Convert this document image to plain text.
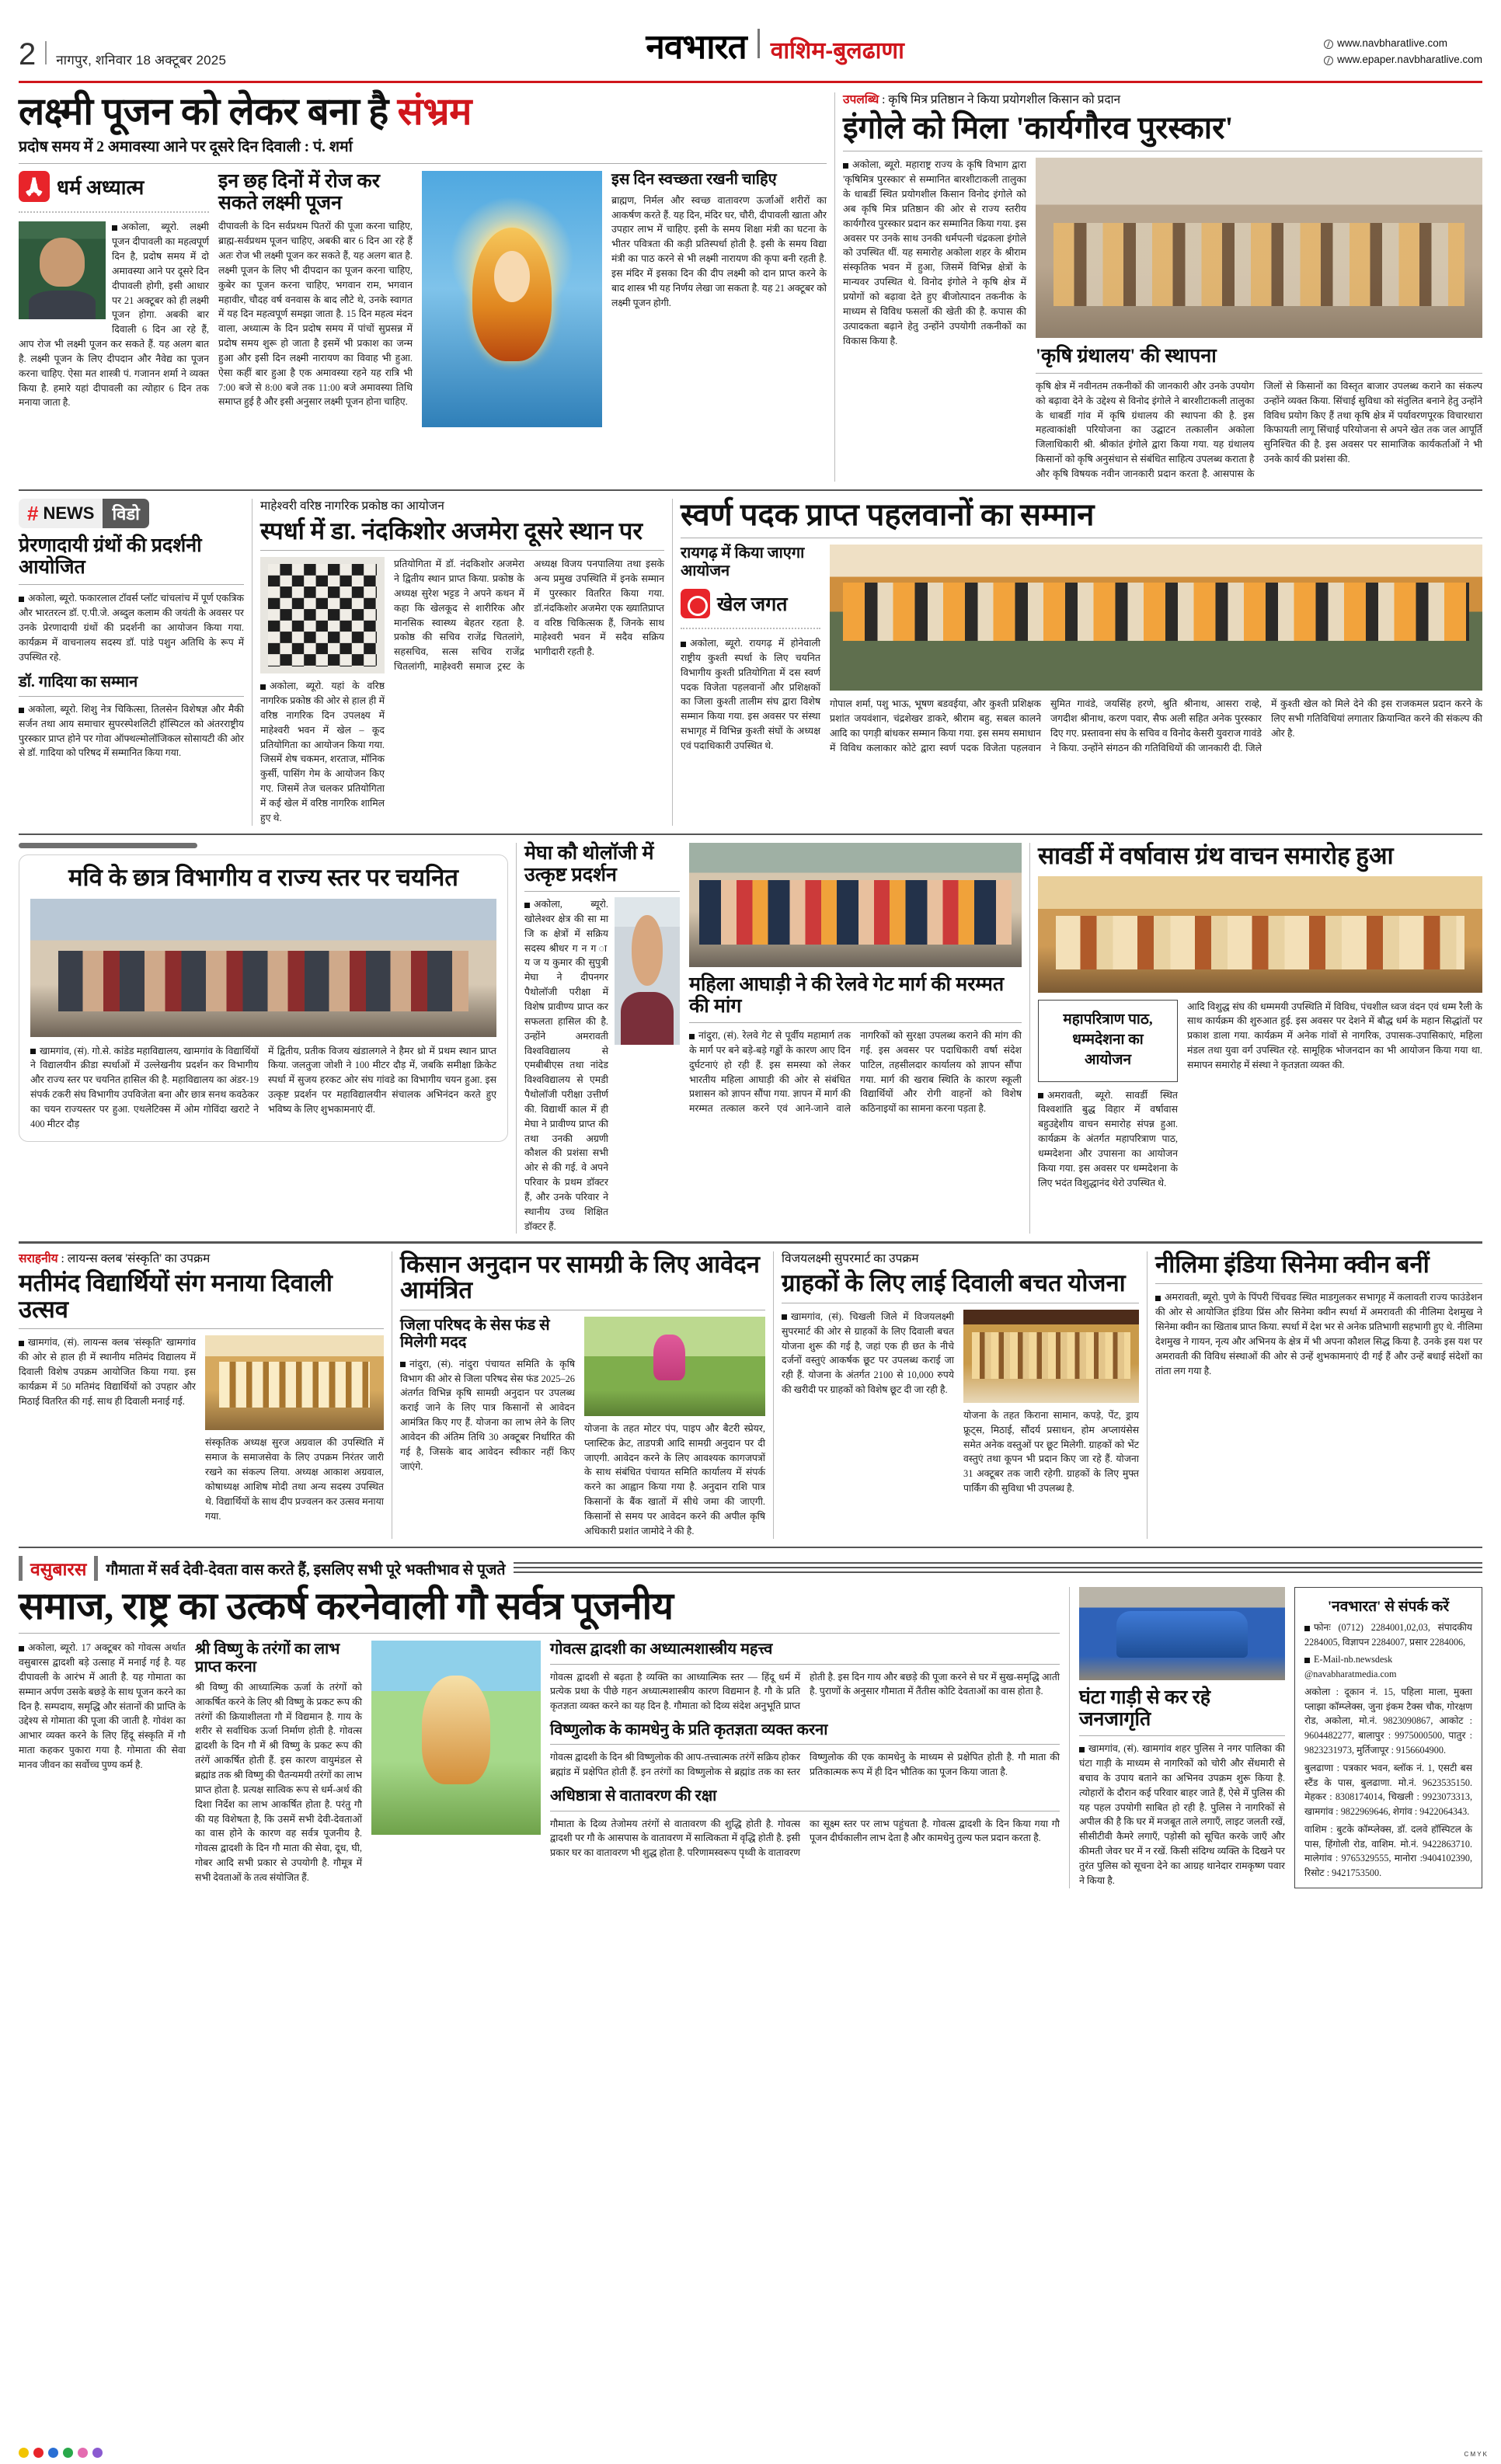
2 नागपुर, शनिवार 18 अक्टूबर 2025	नवभारत वाशिम-बुलढाणा	www.navbharatlive.com
www.epaper.navbharatlive.com
लक्ष्मी पूजन को लेकर बना है संभ्रम
प्रदोष समय में 2 अमावस्या आने पर दूसरे दिन दिवाली : पं. शर्मा
🙏
धर्म अध्यात्म

अकोला, ब्यूरो. लक्ष्मी पूजन दीपावली का महत्वपूर्ण दिन है, प्रदोष समय में दो अमावस्या आने पर दूसरे दिन दीपावली होगी, इसी आधार पर 21 अक्टूबर को ही लक्ष्मी पूजन होगा. अबकी बार दिवाली 6 दिन आ रहे हैं, आप रोज भी लक्ष्मी पूजन कर सकते हैं. यह अलग बात है. लक्ष्मी पूजन के लिए दीपदान और नैवेद्य का पूजन करना चाहिए. ऐसा मत शास्त्री पं. गजानन शर्मा ने व्यक्त किया है. हमारे यहां दीपावली का त्योहार 6 दिन तक मनाया जाता है.

इन छह दिनों में रोज कर सकते लक्ष्मी पूजन

दीपावली के दिन सर्वप्रथम पितरों की पूजा करना चाहिए, ब्राह्म-सर्वप्रथम पूजन चाहिए, अबकी बार 6 दिन आ रहे हैं अतः रोज भी लक्ष्मी पूजन कर सकते हैं, यह अलग बात है. लक्ष्मी पूजन के लिए भी दीपदान का पूजन करना चाहिए, कुबेर का पूजन करना चाहिए, भगवान राम, भगवान महावीर, चौदह वर्ष वनवास के बाद लौटे थे, उनके स्वागत में यह दिन महत्वपूर्ण समझा जाता है. 15 दिन महत्व मंदन वाला, अध्यात्म के दिन प्रदोष समय में पांचों सुप्रसन्न में प्रदोष समय शुरू हो जाता है इसमें भी प्रकाश का जन्म हुआ और इसी दिन लक्ष्मी नारायण का विवाह भी हुआ. ऐसा कहीं बार हुआ है एक अमावस्या रहने यह रात्रि भी 7:00 बजे से 8:00 बजे तक 11:00 बजे अमावस्या तिथि समाप्त हुई है और इसी अनुसार लक्ष्मी पूजन होना चाहिए.

इस दिन स्वच्छता रखनी चाहिए

ब्राह्मण, निर्मल और स्वच्छ वातावरण ऊर्जाओं शरीरों का आकर्षण करते हैं. यह दिन, मंदिर घर, चौरी, दीपावली खाता और उपहार लाभ में चाहिए. इसी के समय शिक्षा मंत्री का घटना के भीतर पवित्रता की कड़ी प्रतिस्पर्धा होती है. इसी के समय विद्या मंत्री का पाठ करने से भी लक्ष्मी नारायण की कृपा बनी रहती है. इस मंदिर में इसका दिन की दीप लक्ष्मी को दान प्राप्त करने के बाद शास्त्र भी यह निर्णय लेखा जा सकता है. यह 21 अक्टूबर को लक्ष्मी पूजन होगी.

उपलब्धि : कृषि मित्र प्रतिष्ठान ने किया प्रयोगशील किसान को प्रदान
इंगोले को मिला 'कार्यगौरव पुरस्कार'

अकोला, ब्यूरो. महाराष्ट्र राज्य के कृषि विभाग द्वारा 'कृषिमित्र पुरस्कार' से सम्मानित बारशीटाकली तालुका के धाबर्डी स्थित प्रयोगशील किसान विनोद इंगोले को अब कृषि मित्र प्रतिष्ठान की ओर से राज्य स्तरीय कार्यगौरव पुरस्कार प्रदान कर सम्मानित किया गया. इस अवसर पर उनके साथ उनकी धर्मपत्नी चंद्रकला इंगोले को उपस्थित थीं. यह समारोह अकोला शहर के श्रीराम संस्कृतिक भवन में हुआ, जिसमें विभिन्न क्षेत्रों के मान्यवर उपस्थित थे. विनोद इंगोले ने कृषि क्षेत्र में प्रयोगों को बढ़ावा देते हुए बीजोत्पादन तकनीक के माध्यम से विविध फसलों की खेती की है. कपास की उत्पादकता बढ़ाने हेतु उन्होंने उपयोगी तकनीकों का विकास किया है.

'कृषि ग्रंथालय' की स्थापना

कृषि क्षेत्र में नवीनतम तकनीकों की जानकारी और उनके उपयोग को बढ़ावा देने के उद्देश्य से विनोद इंगोले ने बारशीटाकली तालुका के धाबर्डी गांव में कृषि ग्रंथालय की स्थापना की है. इस महत्वाकांक्षी परियोजना का उद्घाटन तत्कालीन अकोला जिलाधिकारी श्री. श्रीकांत इंगोले द्वारा किया गया. यह ग्रंथालय किसानों को कृषि अनुसंधान से संबंधित साहित्य उपलब्ध कराता है और कृषि विषयक नवीन जानकारी प्रदान करता है. आसपास के जिलों से किसानों का विस्तृत बाजार उपलब्ध कराने का संकल्प उन्होंने व्यक्त किया. सिंचाई सुविधा को संतुलित बनाने हेतु उन्होंने विविध प्रयोग किए हैं तथा कृषि क्षेत्र में पर्यावरणपूरक विचारधारा किफायती लागू सिंचाई परियोजना से अपने खेत तक जल आपूर्ति सुनिश्चित की है. इस अवसर पर सामाजिक कार्यकर्ताओं ने भी उनके कार्य की प्रशंसा की.

# NEWS	विडो
प्रेरणादायी ग्रंथों की प्रदर्शनी आयोजित

अकोला, ब्यूरो. फकारलाल टॉवर्स प्लॉट चांचलांच में पूर्ण एकत्रिक और भारतरत्न डॉ. ए.पी.जे. अब्दुल कलाम की जयंती के अवसर पर उनके प्रेरणादायी ग्रंथों की प्रदर्शनी का आयोजन किया गया. कार्यक्रम में वाचनालय सदस्य डॉ. पांडे पशुन अतिथि के रूप में उपस्थित रहे.

डॉ. गादिया का सम्मान

अकोला, ब्यूरो. शिशु नेत्र चिकित्सा, तिलसेन विशेषज्ञ और मैकी सर्जन तथा आय समाचार सुपरस्पेशलिटी हॉस्पिटल को अंतरराष्ट्रीय पुरस्कार प्राप्त होने पर गोवा ऑफ्थल्मोलॉजिकल सोसायटी की ओर से डॉ. गादिया को परिषद में सम्मानित किया गया.

माहेश्वरी वरिष्ठ नागरिक प्रकोष्ठ का आयोजन
स्पर्धा में डा. नंदकिशोर अजमेरा दूसरे स्थान पर

अकोला, ब्यूरो. यहां के वरिष्ठ नागरिक प्रकोष्ठ की ओर से हाल ही में वरिष्ठ नागरिक दिन उपलक्ष्य में माहेश्वरी भवन में खेल – कूद प्रतियोगिता का आयोजन किया गया. जिसमें शेष चकमन, शरताज, मॉनिक कुर्सी, पासिंग गेम के आयोजन किए गए. जिसमें तेज चलकर प्रतियोगिता में कई खेल में वरिष्ठ नागरिक शामिल हुए थे.

प्रतियोगिता में डॉ. नंदकिशोर अजमेरा ने द्वितीय स्थान प्राप्त किया. प्रकोष्ठ के अध्यक्ष सुरेश भट्टड ने अपने कथन में कहा कि खेलकूद से शारीरिक और मानसिक स्वास्थ्य बेहतर रहता है. प्रकोष्ठ की सचिव राजेंद्र चितलांगे, सहसचिव, सत्स सचिव राजेंद्र चितलांगी, माहेश्वरी समाज ट्रस्ट के अध्यक्ष विजय पनपालिया तथा इसके अन्य प्रमुख उपस्थिति में इनके सम्मान में पुरस्कार वितरित किया गया. डॉ.नंदकिशोर अजमेरा एक ख्यातिप्राप्त व वरिष्ठ चिकित्सक हैं, जिनके साथ माहेश्वरी भवन में सदैव सक्रिय भागीदारी रहती है.

स्वर्ण पदक प्राप्त पहलवानों का सम्मान
रायगढ़ में किया जाएगा आयोजन
खेल जगत

अकोला, ब्यूरो. रायगढ़ में होनेवाली राष्ट्रीय कुश्ती स्पर्धा के लिए चयनित विभागीय कुश्ती प्रतियोगिता में दस स्वर्ण पदक विजेता पहलवानों और प्रशिक्षकों का जिला कुश्ती तालीम संघ द्वारा विशेष सम्मान किया गया. इस अवसर पर संस्था सभागृह में विभिन्न कुश्ती संघों के अध्यक्ष एवं पदाधिकारी उपस्थित थे.

गोपाल शर्मा, पशु भाऊ, भूषण बडवईया, और कुश्ती प्रशिक्षक प्रशांत जयवंशान, चंद्रशेखर डाकरे, श्रीराम बहु, सबल कालने आदि का पगड़ी बांधकर सम्मान किया गया. इस समय समाधान में विविध कलाकार कोटे द्वारा स्वर्ण पदक विजेता पहलवान सुमित गावंडे, जयसिंह हरणे, श्रुति श्रीनाथ, आसरा राव्हे, जगदीश श्रीनाथ, करण पवार, सैफ अली सहित अनेक पुरस्कार दिए गए. प्रस्तावना संघ के सचिव व विनोद केसरी युवराज गावंडे ने किया. उन्होंने संगठन की गतिविधियों की जानकारी दी. जिले में कुश्ती खेल को मिले देने की इस राजकमल प्रदान करने के लिए सभी गतिविधियां लगातार क्रियान्वित करने की संकल्प की ओर है.

मवि के छात्र विभागीय व राज्य स्तर पर चयनित

खामगांव, (सं). गो.से. कांडेड महाविद्यालय, खामगांव के विद्यार्थियों ने विद्यालयीन क्रीडा स्पर्धाओं में उल्लेखनीय प्रदर्शन कर विभागीय और राज्य स्तर पर चयनित हासिल की है. महाविद्यालय का अंडर-19 संपर्क टकरी संघ विभागीय उपविजेता बना और छात्र सनथ कवठेकर का चयन राज्यस्तर पर हुआ. एथलेटिक्स में ओम गोविंदा खराटे ने 400 मीटर दौड़

में द्वितीय, प्रतीक विजय खंडालगले ने हैमर थ्रो में प्रथम स्थान प्राप्त किया. जलतुजा जोशी ने 100 मीटर दौड़ में, जबकि समीक्षा क्रिकेट स्पर्धा में सुजय हरकट ओर संघ गांवडे का विभागीय चयन हुआ. इस उत्कृष्ट प्रदर्शन पर महाविद्यालयीन संचालक अभिनंदन करते हुए भविष्य के लिए शुभकामनाएं दीं.

मेघा कौ थोलॉजी में उत्कृष्ट प्रदर्शन

अकोला, ब्यूरो. खोलेश्वर क्षेत्र की सा मा जि क क्षेत्रों में सक्रिय सदस्य श्रीधर ग न ग ा य ज य कुमार की सुपुत्री मेघा ने दीपनगर पैथोलॉजी परीक्षा में विशेष प्रावीण्य प्राप्त कर सफलता हासिल की है. उन्होंने अमरावती विश्वविद्यालय से एमबीबीएस तथा नांदेड विश्वविद्यालय से एमडी पैथोलॉजी परीक्षा उत्तीर्ण की. विद्यार्थी काल में ही मेघा ने प्रावीण्य प्राप्त की तथा उनकी अग्रणी कौशल की प्रशंसा सभी ओर से की गई. वे अपने परिवार के प्रथम डॉक्टर हैं, और उनके परिवार ने स्थानीय उच्च शिक्षित डॉक्टर हैं.

महिला आघाड़ी ने की रेलवे गेट मार्ग की मरम्मत की मांग

नांदुरा, (सं). रेलवे गेट से पूर्वीय महामार्ग तक के मार्ग पर बने बड़े-बड़े गड्ढों के कारण आए दिन दुर्घटनाएं हो रही हैं. इस समस्या को लेकर भारतीय महिला आघाड़ी की ओर से संबंधित प्रशासन को ज्ञापन सौंपा गया. ज्ञापन में मार्ग की मरम्मत तत्काल करने एवं आने-जाने वाले नागरिकों को सुरक्षा उपलब्ध कराने की मांग की गई. इस अवसर पर पदाधिकारी वर्षा संदेश पाटिल, तहसीलदार कार्यालय को ज्ञापन सौंपा गया. मार्ग की खराब स्थिति के कारण स्कूली विद्यार्थियों और रोगी वाहनों को विशेष कठिनाइयों का सामना करना पड़ता है.

सावर्डी में वर्षावास ग्रंथ वाचन समारोह हुआ
महापरित्राण पाठ, धम्मदेशना का आयोजन

अमरावती, ब्यूरो. सावर्डी स्थित विश्वशांति बुद्ध विहार में वर्षावास बहुउद्देशीय वाचन समारोह संपन्न हुआ. कार्यक्रम के अंतर्गत महापरित्राण पाठ, धम्मदेशना और उपासना का आयोजन किया गया. इस अवसर पर धम्मदेशना के लिए भदंत विशुद्धानंद थेरो उपस्थित थे.

आदि विशुद्ध संघ की धम्ममयी उपस्थिति में विविध, पंचशील ध्वज वंदन एवं धम्म रैली के साथ कार्यक्रम की शुरुआत हुई. इस अवसर पर देशने में बौद्ध धर्म के महान सिद्धांतों पर प्रकाश डाला गया. कार्यक्रम में अनेक गांवों से नागरिक, उपासक-उपासिकाएं, महिला मंडल तथा युवा वर्ग उपस्थित रहे. सामूहिक भोजनदान का भी आयोजन किया गया था. समापन समारोह में संस्था ने कृतज्ञता व्यक्त की.

सराहनीय : लायन्स क्लब 'संस्कृति' का उपक्रम
मतीमंद विद्यार्थियों संग मनाया दिवाली उत्सव

खामगांव, (सं). लायन्स क्लब 'संस्कृति' खामगांव की ओर से हाल ही में स्थानीय मतिमंद विद्यालय में दिवाली विशेष उपक्रम आयोजित किया गया. इस कार्यक्रम में 50 मतिमंद विद्यार्थियों को उपहार और मिठाई वितरित की गई. साथ ही दिवाली मनाई गई.

संस्कृतिक अध्यक्ष सुरज अग्रवाल की उपस्थिति में समाज के समाजसेवा के लिए उपक्रम निरंतर जारी रखने का संकल्प लिया. अध्यक्ष आकाश अग्रवाल, कोषाध्यक्ष आशिष मोदी तथा अन्य सदस्य उपस्थित थे. विद्यार्थियों के साथ दीप प्रज्वलन कर उत्सव मनाया गया.

किसान अनुदान पर सामग्री के लिए आवेदन आमंत्रित
जिला परिषद के सेस फंड से मिलेगी मदद

नांदुरा, (सं). नांदुरा पंचायत समिति के कृषि विभाग की ओर से जिला परिषद सेस फंड 2025–26 अंतर्गत विभिन्न कृषि सामग्री अनुदान पर उपलब्ध कराई जाने के लिए पात्र किसानों से आवेदन आमंत्रित किए गए हैं. योजना का लाभ लेने के लिए आवेदन की अंतिम तिथि 30 अक्टूबर निर्धारित की गई है, जिसके बाद आवेदन स्वीकार नहीं किए जाएंगे.

योजना के तहत मोटर पंप, पाइप और बैटरी स्प्रेयर, प्लास्टिक क्रेट, ताडपत्री आदि सामग्री अनुदान पर दी जाएगी. आवेदन करने के लिए आवश्यक कागजपत्रों के साथ संबंधित पंचायत समिति कार्यालय में संपर्क करने का आह्वान किया गया है. अनुदान राशि पात्र किसानों के बैंक खातों में सीधे जमा की जाएगी. किसानों से समय पर आवेदन करने की अपील कृषि अधिकारी प्रशांत जामोदे ने की है.

विजयलक्ष्मी सुपरमार्ट का उपक्रम
ग्राहकों के लिए लाई दिवाली बचत योजना

खामगांव, (सं). चिखली जिले में विजयलक्ष्मी सुपरमार्ट की ओर से ग्राहकों के लिए दिवाली बचत योजना शुरू की गई है, जहां एक ही छत के नीचे दर्जनों वस्तुएं आकर्षक छूट पर उपलब्ध कराई जा रही हैं. योजना के अंतर्गत 2100 से 10,000 रुपये की खरीदी पर ग्राहकों को विशेष छूट दी जा रही है.

योजना के तहत किराना सामान, कपड़े, पेंट, ड्राय फ्रूट्स, मिठाई, सौंदर्य प्रसाधन, होम अप्लायंसेस समेत अनेक वस्तुओं पर छूट मिलेगी. ग्राहकों को भेंट वस्तुएं तथा कूपन भी प्रदान किए जा रहे हैं. योजना 31 अक्टूबर तक जारी रहेगी. ग्राहकों के लिए मुफ्त पार्किंग की सुविधा भी उपलब्ध है.

नीलिमा इंडिया सिनेमा क्वीन बनीं

अमरावती, ब्यूरो. पुणे के पिंपरी चिंचवड स्थित माडगुलकर सभागृह में कलावती राज्य फाउंडेशन की ओर से आयोजित इंडिया प्रिंस और सिनेमा क्वीन स्पर्धा में अमरावती की नीलिमा देशमुख ने सिनेमा क्वीन का खिताब प्राप्त किया. स्पर्धा में देश भर से अनेक प्रतिभागी सहभागी हुए थे. नीलिमा देशमुख ने गायन, नृत्य और अभिनय के क्षेत्र में भी अपना कौशल सिद्ध किया है. उनके इस यश पर अमरावती की विविध संस्थाओं की ओर से उन्हें शुभकामनाएं दी गई हैं और उन्हें बधाई संदेशों का तांता लग गया है.

वसुबारस गौमाता में सर्व देवी-देवता वास करते हैं, इसलिए सभी पूरे भक्तीभाव से पूजते
समाज, राष्ट्र का उत्कर्ष करनेवाली गौ सर्वत्र पूजनीय

अकोला, ब्यूरो. 17 अक्टूबर को गोवत्स अर्थात वसुबारस द्वादशी बड़े उत्साह में मनाई गई है. यह दीपावली के आरंभ में आती है. यह गोमाता का सम्मान अर्पण उसके बछड़े के साथ पूजन करने का दिन है. सम्पदाय, समृद्धि और संतानों की प्राप्ति के उद्देश्य से गोमाता की पूजा की जाती है. गोवंश का आभार व्यक्त करने के लिए हिंदू संस्कृति में गौ माता कहकर पुकारा गया है. गोमाता की सेवा मानव जीवन का सर्वोच्च पुण्य कर्म है.

श्री विष्णु के तरंगों का लाभ प्राप्त करना

श्री विष्णु की आध्यात्मिक ऊर्जा के तरंगों को आकर्षित करने के लिए श्री विष्णु के प्रकट रूप की तरंगों की क्रियाशीलता गौ में विद्यमान है. गाय के शरीर से सर्वाधिक ऊर्जा निर्माण होती है. गोवत्स द्वादशी के दिन गौ में श्री विष्णु के प्रकट रूप की तरंगें आकर्षित होती हैं. इस कारण वायुमंडल से ब्रह्मांड तक श्री विष्णु की चैतन्यमयी तरंगों का लाभ प्राप्त होता है. प्रत्यक्ष सात्विक रूप से धर्म-अर्थ की दिशा निर्देश का लाभ आकर्षित होता है. परंतु गौ की यह विशेषता है, कि उसमें सभी देवी-देवताओं का वास होने के कारण वह सर्वत्र पूजनीय है. गोवत्स द्वादशी के दिन गौ माता की सेवा, दूध, घी, गोबर आदि सभी प्रकार से उपयोगी है. गौमूत्र में सभी देवताओं के तत्व संयोजित हैं.

गोवत्स द्वादशी का अध्यात्मशास्त्रीय महत्त्व

गोवत्स द्वादशी से बढ़ता है व्यक्ति का आध्यात्मिक स्तर — हिंदू धर्म में प्रत्येक प्रथा के पीछे गहन अध्यात्मशास्त्रीय कारण विद्यमान है. गौ के प्रति कृतज्ञता व्यक्त करने का यह दिन है. गौमाता को दिव्य संदेश अनुभूति प्राप्त होती है. इस दिन गाय और बछड़े की पूजा करने से घर में सुख-समृद्धि आती है. पुराणों के अनुसार गौमाता में तैंतीस कोटि देवताओं का वास होता है.

विष्णुलोक के कामधेनु के प्रति कृतज्ञता व्यक्त करना

गोवत्स द्वादशी के दिन श्री विष्णुलोक की आप-तत्त्वात्मक तरंगें सक्रिय होकर ब्रह्मांड में प्रक्षेपित होती हैं. इन तरंगों का विष्णुलोक से ब्रह्मांड तक का स्तर विष्णुलोक की एक कामधेनु के माध्यम से प्रक्षेपित होती है. गौ माता की प्रतिकात्मक रूप में ही दिन भौतिक का पूजन किया जाता है.

अधिष्ठात्रा से वातावरण की रक्षा

गौमाता के दिव्य तेजोमय तरंगों से वातावरण की शुद्धि होती है. गोवत्स द्वादशी पर गौ के आसपास के वातावरण में सात्विकता में वृद्धि होती है. इसी प्रकार घर का वातावरण भी शुद्ध होता है. परिणामस्वरूप पृथ्वी के वातावरण का सूक्ष्म स्तर पर लाभ पहुंचता है. गोवत्स द्वादशी के दिन किया गया गौ पूजन दीर्घकालीन लाभ देता है और कामधेनु तुल्य फल प्रदान करता है.

घंटा गाड़ी से कर रहे जनजागृति

खामगांव, (सं). खामगांव शहर पुलिस ने नगर पालिका की घंटा गाड़ी के माध्यम से नागरिकों को चोरी और सेंधमारी से बचाव के उपाय बताने का अभिनव उपक्रम शुरू किया है. त्योहारों के दौरान कई परिवार बाहर जाते हैं, ऐसे में पुलिस की यह पहल उपयोगी साबित हो रही है. पुलिस ने नागरिकों से अपील की है कि घर में मजबूत ताले लगाएँ, लाइट जलती रखें, सीसीटीवी कैमरे लगाएँ, पड़ोसी को सूचित करके जाएँ और कीमती जेवर घर में न रखें. किसी संदिग्ध व्यक्ति के दिखने पर तुरंत पुलिस को सूचना देने का आग्रह थानेदार रामकृष्ण पवार ने किया है.

'नवभारत' से संपर्क करें

फोनः (0712) 2284001,02,03, संपादकीय 2284005, विज्ञापन 2284007, प्रसार 2284006,

E-Mail-nb.newsdesk @navabharatmedia.com

अकोला : दूकान नं. 15, पहिला माला, मुक्ता प्लाझा कॉम्प्लेक्स, जुना इंकम टैक्स चौक, गोरक्षण रोड, अकोला, मो.नं. 9823090867, आकोट : 9604482277, बालापुर : 9975000500, पातुर : 9823231973, मुर्तिजापूर : 9156604900.

बुलढाणा : पत्रकार भवन, ब्लॉक नं. 1, एसटी बस स्टैंड के पास, बुलढाणा. मो.नं. 9623535150. मेहकर : 8308174014, चिखली : 9923073313, खामगांव : 9822969646, शेगांव : 9422064343.

वाशिम : बुटके कॉम्प्लेक्स, डॉ. दलवे हॉस्पिटल के पास, हिंगोली रोड, वाशिम. मो.नं. 9422863710. मालेगांव : 9765329555, मानोरा :9404102390, रिसोट : 9421753500.

C M Y K
